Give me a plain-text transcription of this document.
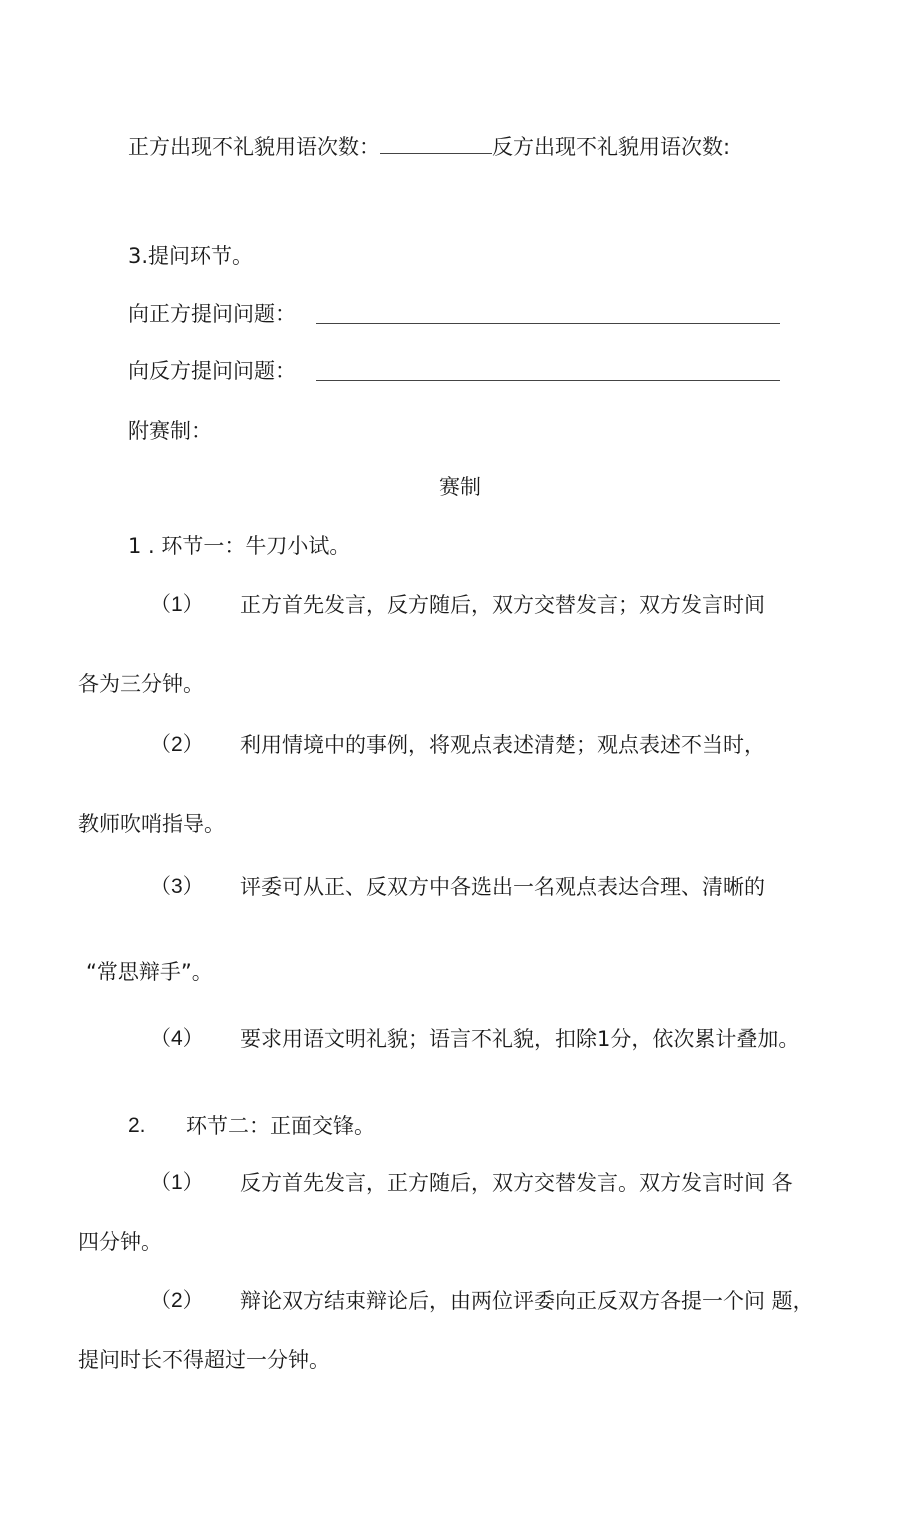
正方出现不礼貌用语次数：	反方出现不礼貌用语次数:
3.提问环节。
向正方提问问题：
向反方提问问题：
附赛制：
赛制
1 . 环节一：牛刀小试。
（1） 正方首先发言，反方随后，双方交替发言；双方发言时间
各为三分钟。
（2） 利用情境中的事例，将观点表述清楚；观点表述不当时，
教师吹哨指导。
（3） 评委可从正、反双方中各选出一名观点表达合理、清晰的
“常思辩手”。
（4） 要求用语文明礼貌；语言不礼貌，扣除1分，依次累计叠加。
2. 环节二：正面交锋。
（1） 反方首先发言，正方随后，双方交替发言。双方发言时间 各
四分钟。
（2） 辩论双方结束辩论后，由两位评委向正反双方各提一个问 题，
提问时长不得超过一分钟。
